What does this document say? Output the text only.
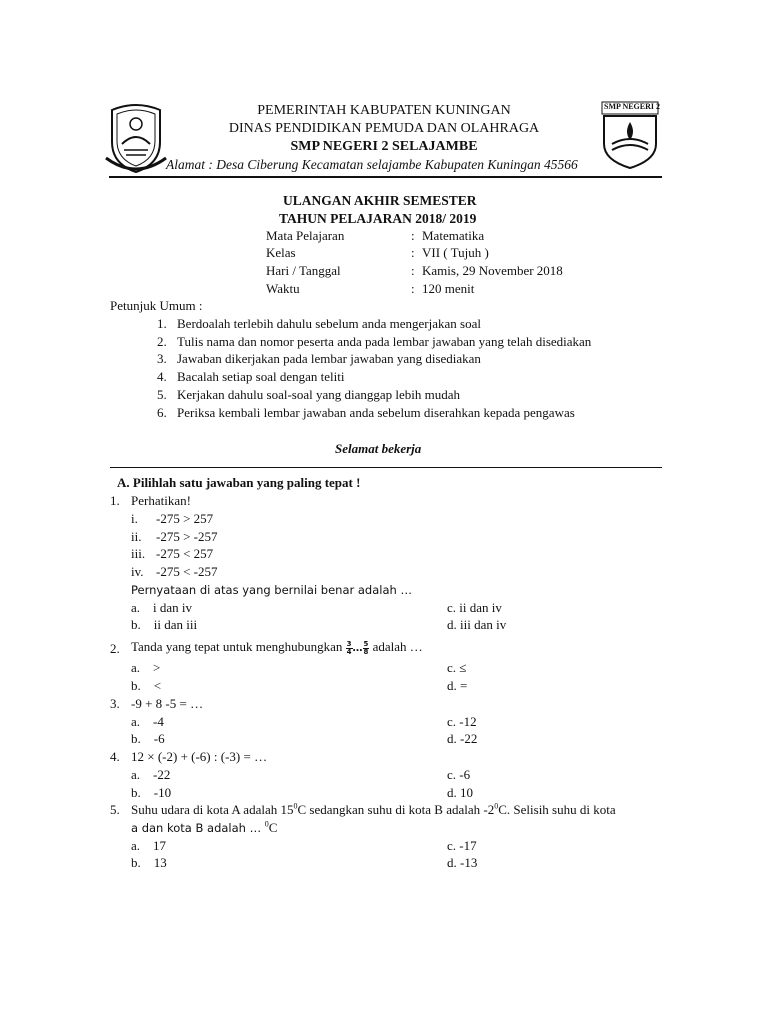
PEMERINTAH KABUPATEN KUNINGAN
DINAS PENDIDIKAN PEMUDA DAN OLAHRAGA
SMP NEGERI 2 SELAJAMBE
Alamat : Desa Ciberung Kecamatan selajambe Kabupaten Kuningan 45566
SMP NEGERI 2
ULANGAN AKHIR SEMESTER
TAHUN PELAJARAN 2018/ 2019
Mata Pelajaran	: Matematika
Kelas	: VII ( Tujuh )
Hari / Tanggal	: Kamis, 29 November 2018
Waktu	: 120 menit
Petunjuk Umum :
1. Berdoalah terlebih dahulu sebelum anda mengerjakan soal
2. Tulis nama dan nomor peserta anda pada lembar jawaban yang telah disediakan
3. Jawaban dikerjakan pada lembar jawaban yang disediakan
4. Bacalah setiap soal dengan teliti
5. Kerjakan dahulu soal-soal yang dianggap lebih mudah
6. Periksa kembali lembar jawaban anda sebelum diserahkan kepada pengawas
Selamat bekerja
A. Pilihlah satu jawaban yang paling tepat !
1. Perhatikan!
i. -275 > 257
ii. -275 > -257
iii. -275 < 257
iv. -275 < -257
Pernyataan di atas yang bernilai benar adalah …
a.    i dan iv
b.    ii dan iii
c. ii dan iv
d. iii dan iv
2. Tanda yang tepat untuk menghubungkan $\frac{3}{4}$ … $\frac{5}{8}$ adalah …
a.    >
b.    <
c. ≤
d. =
3. -9 + 8 -5 = …
a.    -4
b.    -6
c. -12
d. -22
4. 12 × (-2) + (-6) : (-3) = …
a.    -22
b.    -10
c. -6
d. 10
5. Suhu udara di kota A adalah $15^0C$ sedangkan suhu di kota B adalah $-2^0C$. Selisih suhu di kota
a dan kota B adalah … $^0$C
a.    17
b.    13
c. -17
d. -13
